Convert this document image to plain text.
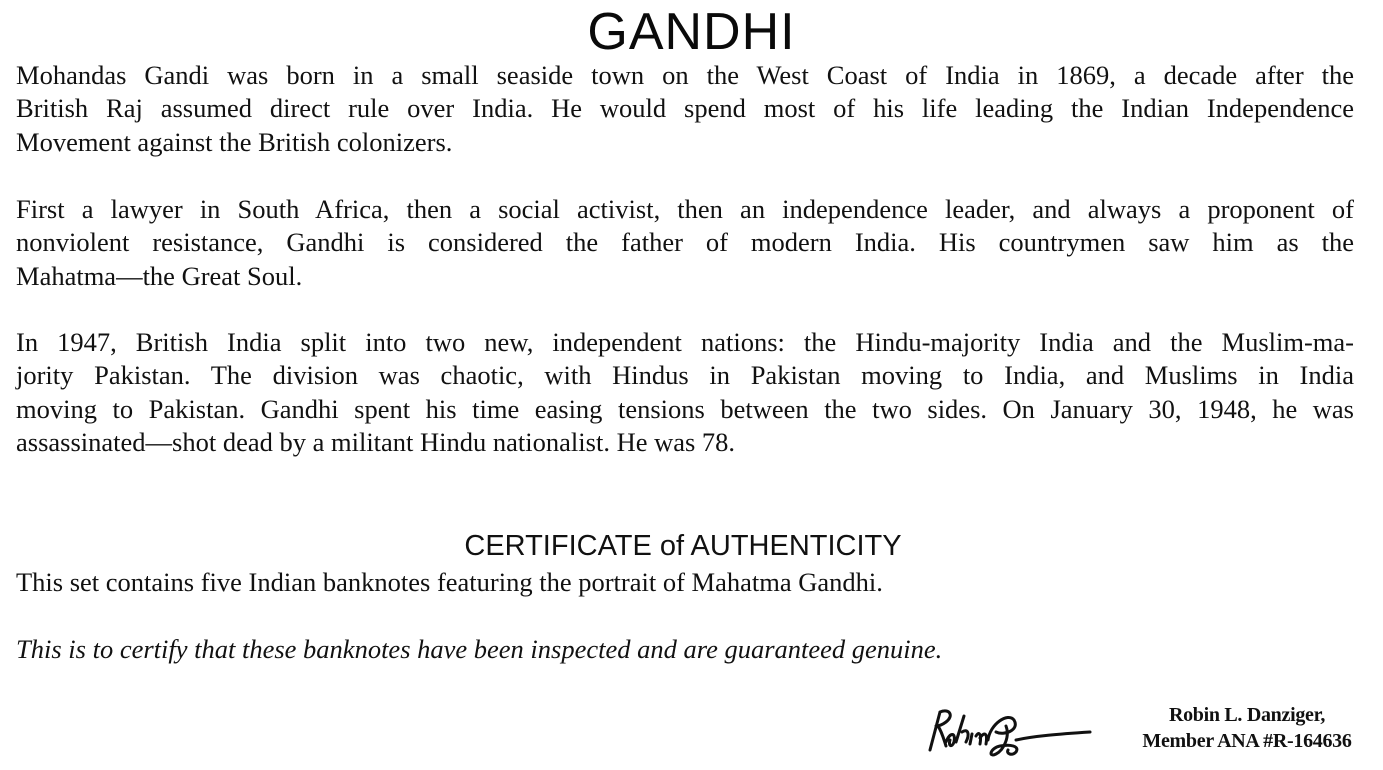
GANDHI
Mohandas Gandi was born in a small seaside town on the West Coast of India in 1869, a decade after the
British Raj assumed direct rule over India. He would spend most of his life leading the Indian Independence
Movement against the British colonizers.
First a lawyer in South Africa, then a social activist, then an independence leader, and always a proponent of
nonviolent resistance, Gandhi is considered the father of modern India. His countrymen saw him as the
Mahatma—the Great Soul.
In 1947, British India split into two new, independent nations: the Hindu-majority India and the Muslim-ma-
jority Pakistan. The division was chaotic, with Hindus in Pakistan moving to India, and Muslims in India
moving to Pakistan. Gandhi spent his time easing tensions between the two sides. On January 30, 1948, he was
assassinated—shot dead by a militant Hindu nationalist. He was 78.
CERTIFICATE of AUTHENTICITY
This set contains five Indian banknotes featuring the portrait of Mahatma Gandhi.
This is to certify that these banknotes have been inspected and are guaranteed genuine.
Robin L. Danziger,
Member ANA #R-164636
